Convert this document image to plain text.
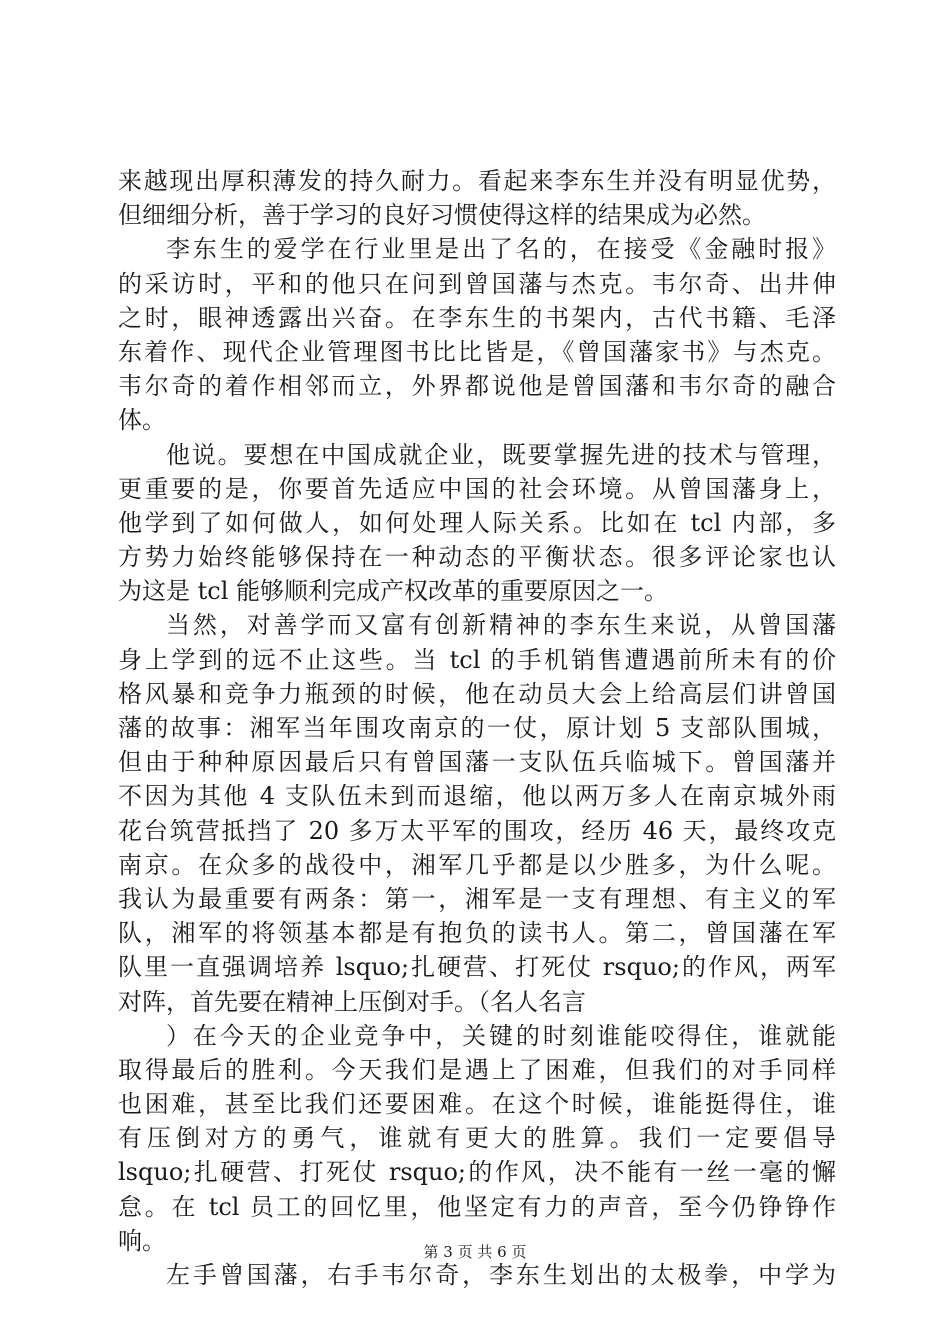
来越现出厚积薄发的持久耐力。看起来李东生并没有明显优势，
但细细分析，善于学习的良好习惯使得这样的结果成为必然。
李东生的爱学在行业里是出了名的，在接受《金融时报》
的采访时，平和的他只在问到曾国藩与杰克。韦尔奇、出井伸
之时，眼神透露出兴奋。在李东生的书架内，古代书籍、毛泽
东着作、现代企业管理图书比比皆是，《曾国藩家书》与杰克。
韦尔奇的着作相邻而立，外界都说他是曾国藩和韦尔奇的融合
体。
他说。要想在中国成就企业，既要掌握先进的技术与管理，
更重要的是，你要首先适应中国的社会环境。从曾国藩身上，
他学到了如何做人，如何处理人际关系。比如在 tcl 内部，多
方势力始终能够保持在一种动态的平衡状态。很多评论家也认
为这是 tcl 能够顺利完成产权改革的重要原因之一。
当然，对善学而又富有创新精神的李东生来说，从曾国藩
身上学到的远不止这些。当 tcl 的手机销售遭遇前所未有的价
格风暴和竞争力瓶颈的时候，他在动员大会上给高层们讲曾国
藩的故事：湘军当年围攻南京的一仗，原计划 5 支部队围城，
但由于种种原因最后只有曾国藩一支队伍兵临城下。曾国藩并
不因为其他 4 支队伍未到而退缩，他以两万多人在南京城外雨
花台筑营抵挡了 20 多万太平军的围攻，经历 46 天，最终攻克
南京。在众多的战役中，湘军几乎都是以少胜多，为什么呢。
我认为最重要有两条：第一，湘军是一支有理想、有主义的军
队，湘军的将领基本都是有抱负的读书人。第二，曾国藩在军
队里一直强调培养 lsquo;扎硬营、打死仗 rsquo;的作风，两军
对阵，首先要在精神上压倒对手。（名人名言
）在今天的企业竞争中，关键的时刻谁能咬得住，谁就能
取得最后的胜利。今天我们是遇上了困难，但我们的对手同样
也困难，甚至比我们还要困难。在这个时候，谁能挺得住，谁
有压倒对方的勇气，谁就有更大的胜算。我们一定要倡导
lsquo;扎硬营、打死仗 rsquo;的作风，决不能有一丝一毫的懈
怠。在 tcl 员工的回忆里，他坚定有力的声音，至今仍铮铮作
响。
左手曾国藩，右手韦尔奇，李东生划出的太极拳，中学为
第 3 页 共 6 页
